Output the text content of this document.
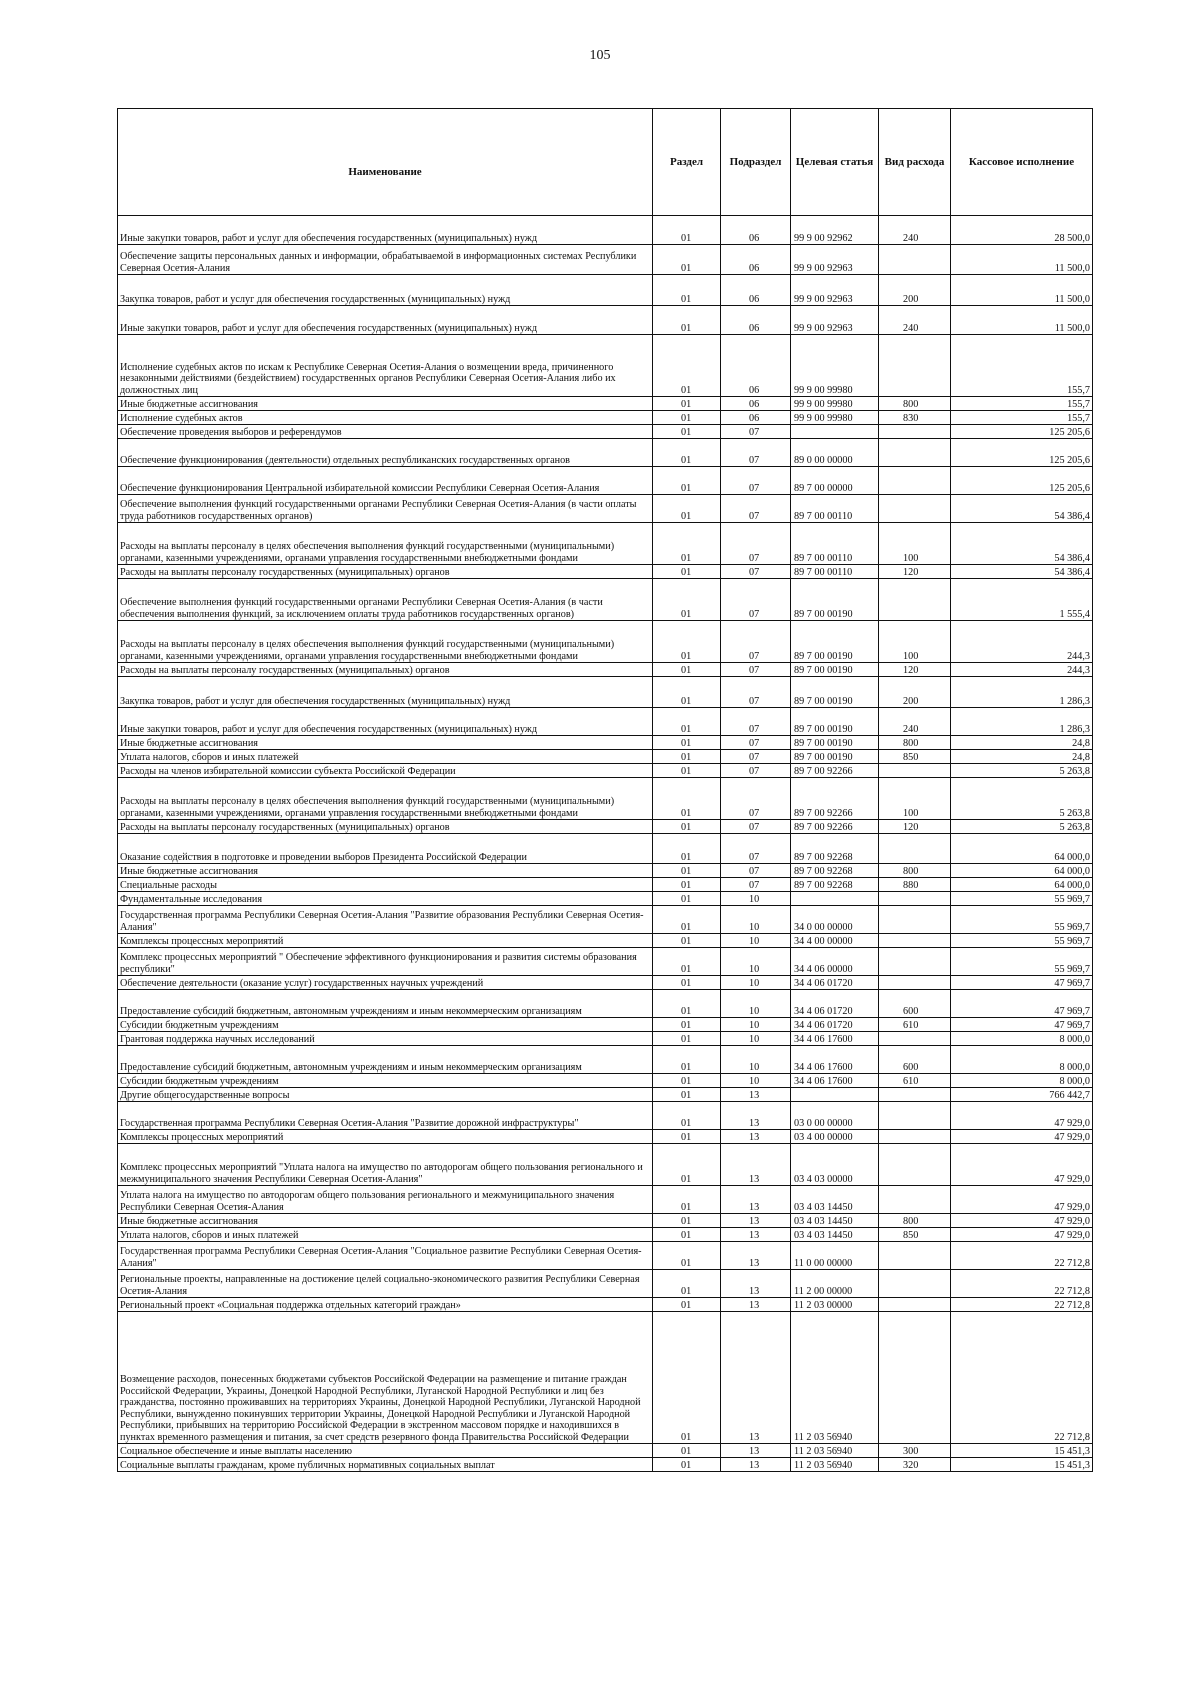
105
Наименование	Раздел	Подраздел	Целевая статья	Вид расхода	Кассовое исполнение
Иные закупки товаров, работ и услуг для обеспечения государственных (муниципальных) нужд	01	06	99 9 00 92962	240	28 500,0
Обеспечение защиты персональных данных и информации, обрабатываемой в информационных системах Республики Северная Осетия-Алания	01	06	99 9 00 92963		11 500,0
Закупка товаров, работ и услуг для обеспечения государственных (муниципальных) нужд	01	06	99 9 00 92963	200	11 500,0
Иные закупки товаров, работ и услуг для обеспечения государственных (муниципальных) нужд	01	06	99 9 00 92963	240	11 500,0
Исполнение судебных актов по искам к Республике Северная Осетия-Алания о возмещении вреда, причиненного незаконными действиями (бездействием) государственных органов Республики Северная Осетия-Алания либо их должностных лиц	01	06	99 9 00 99980		155,7
Иные бюджетные ассигнования	01	06	99 9 00 99980	800	155,7
Исполнение судебных актов	01	06	99 9 00 99980	830	155,7
Обеспечение проведения выборов и референдумов	01	07			125 205,6
Обеспечение функционирования (деятельности) отдельных республиканских государственных органов	01	07	89 0 00 00000		125 205,6
Обеспечение функционирования Центральной избирательной комиссии Республики Северная Осетия-Алания	01	07	89 7 00 00000		125 205,6
Обеспечение выполнения функций государственными органами Республики Северная Осетия-Алания (в части оплаты труда работников государственных органов)	01	07	89 7 00 00110		54 386,4
Расходы на выплаты персоналу в целях обеспечения выполнения функций государственными (муниципальными) органами, казенными учреждениями, органами управления государственными внебюджетными фондами	01	07	89 7 00 00110	100	54 386,4
Расходы на выплаты персоналу государственных (муниципальных) органов	01	07	89 7 00 00110	120	54 386,4
Обеспечение выполнения функций государственными органами Республики Северная Осетия-Алания (в части обеспечения выполнения функций, за исключением оплаты труда работников государственных органов)	01	07	89 7 00 00190		1 555,4
Расходы на выплаты персоналу в целях обеспечения выполнения функций государственными (муниципальными) органами, казенными учреждениями, органами управления государственными внебюджетными фондами	01	07	89 7 00 00190	100	244,3
Расходы на выплаты персоналу государственных (муниципальных) органов	01	07	89 7 00 00190	120	244,3
Закупка товаров, работ и услуг для обеспечения государственных (муниципальных) нужд	01	07	89 7 00 00190	200	1 286,3
Иные закупки товаров, работ и услуг для обеспечения государственных (муниципальных) нужд	01	07	89 7 00 00190	240	1 286,3
Иные бюджетные ассигнования	01	07	89 7 00 00190	800	24,8
Уплата налогов, сборов и иных платежей	01	07	89 7 00 00190	850	24,8
Расходы на членов избирательной комиссии субъекта Российской Федерации	01	07	89 7 00 92266		5 263,8
Расходы на выплаты персоналу в целях обеспечения выполнения функций государственными (муниципальными) органами, казенными учреждениями, органами управления государственными внебюджетными фондами	01	07	89 7 00 92266	100	5 263,8
Расходы на выплаты персоналу государственных (муниципальных) органов	01	07	89 7 00 92266	120	5 263,8
Оказание содействия в подготовке и проведении выборов Президента Российской Федерации	01	07	89 7 00 92268		64 000,0
Иные бюджетные ассигнования	01	07	89 7 00 92268	800	64 000,0
Специальные расходы	01	07	89 7 00 92268	880	64 000,0
Фундаментальные исследования	01	10			55 969,7
Государственная программа Республики Северная Осетия-Алания "Развитие образования Республики Северная Осетия-Алания"	01	10	34 0 00 00000		55 969,7
Комплексы процессных мероприятий	01	10	34 4 00 00000		55 969,7
Комплекс процессных мероприятий " Обеспечение эффективного функционирования и развития системы образования республики"	01	10	34 4 06 00000		55 969,7
Обеспечение деятельности (оказание услуг) государственных научных учреждений	01	10	34 4 06 01720		47 969,7
Предоставление субсидий бюджетным, автономным учреждениям и иным некоммерческим организациям	01	10	34 4 06 01720	600	47 969,7
Субсидии бюджетным учреждениям	01	10	34 4 06 01720	610	47 969,7
Грантовая поддержка научных исследований	01	10	34 4 06 17600		8 000,0
Предоставление субсидий бюджетным, автономным учреждениям и иным некоммерческим организациям	01	10	34 4 06 17600	600	8 000,0
Субсидии бюджетным учреждениям	01	10	34 4 06 17600	610	8 000,0
Другие общегосударственные вопросы	01	13			766 442,7
Государственная программа Республики Северная Осетия-Алания "Развитие дорожной инфраструктуры"	01	13	03 0 00 00000		47 929,0
Комплексы процессных мероприятий	01	13	03 4 00 00000		47 929,0
Комплекс процессных мероприятий "Уплата налога на имущество по автодорогам общего пользования регионального и межмуниципального значения Республики Северная Осетия-Алания"	01	13	03 4 03 00000		47 929,0
Уплата налога на имущество по автодорогам общего пользования регионального и межмуниципального значения Республики Северная Осетия-Алания	01	13	03 4 03 14450		47 929,0
Иные бюджетные ассигнования	01	13	03 4 03 14450	800	47 929,0
Уплата налогов, сборов и иных платежей	01	13	03 4 03 14450	850	47 929,0
Государственная программа Республики Северная Осетия-Алания "Социальное развитие Республики Северная Осетия-Алания"	01	13	11 0 00 00000		22 712,8
Региональные проекты, направленные на достижение целей социально-экономического развития Республики Северная Осетия-Алания	01	13	11 2 00 00000		22 712,8
Региональный проект «Социальная поддержка отдельных категорий граждан»	01	13	11 2 03 00000		22 712,8
Возмещение расходов, понесенных бюджетами субъектов Российской Федерации на размещение и питание граждан Российской Федерации, Украины, Донецкой Народной Республики, Луганской Народной Республики и лиц без гражданства, постоянно проживавших на территориях Украины, Донецкой Народной Республики, Луганской Народной Республики, вынужденно покинувших территории Украины, Донецкой Народной Республики и Луганской Народной Республики, прибывших на территорию Российской Федерации в экстренном массовом порядке и находившихся в пунктах временного размещения и питания, за счет средств резервного фонда Правительства Российской Федерации	01	13	11 2 03 56940		22 712,8
Социальное обеспечение и иные выплаты населению	01	13	11 2 03 56940	300	15 451,3
Социальные выплаты гражданам, кроме публичных нормативных социальных выплат	01	13	11 2 03 56940	320	15 451,3
